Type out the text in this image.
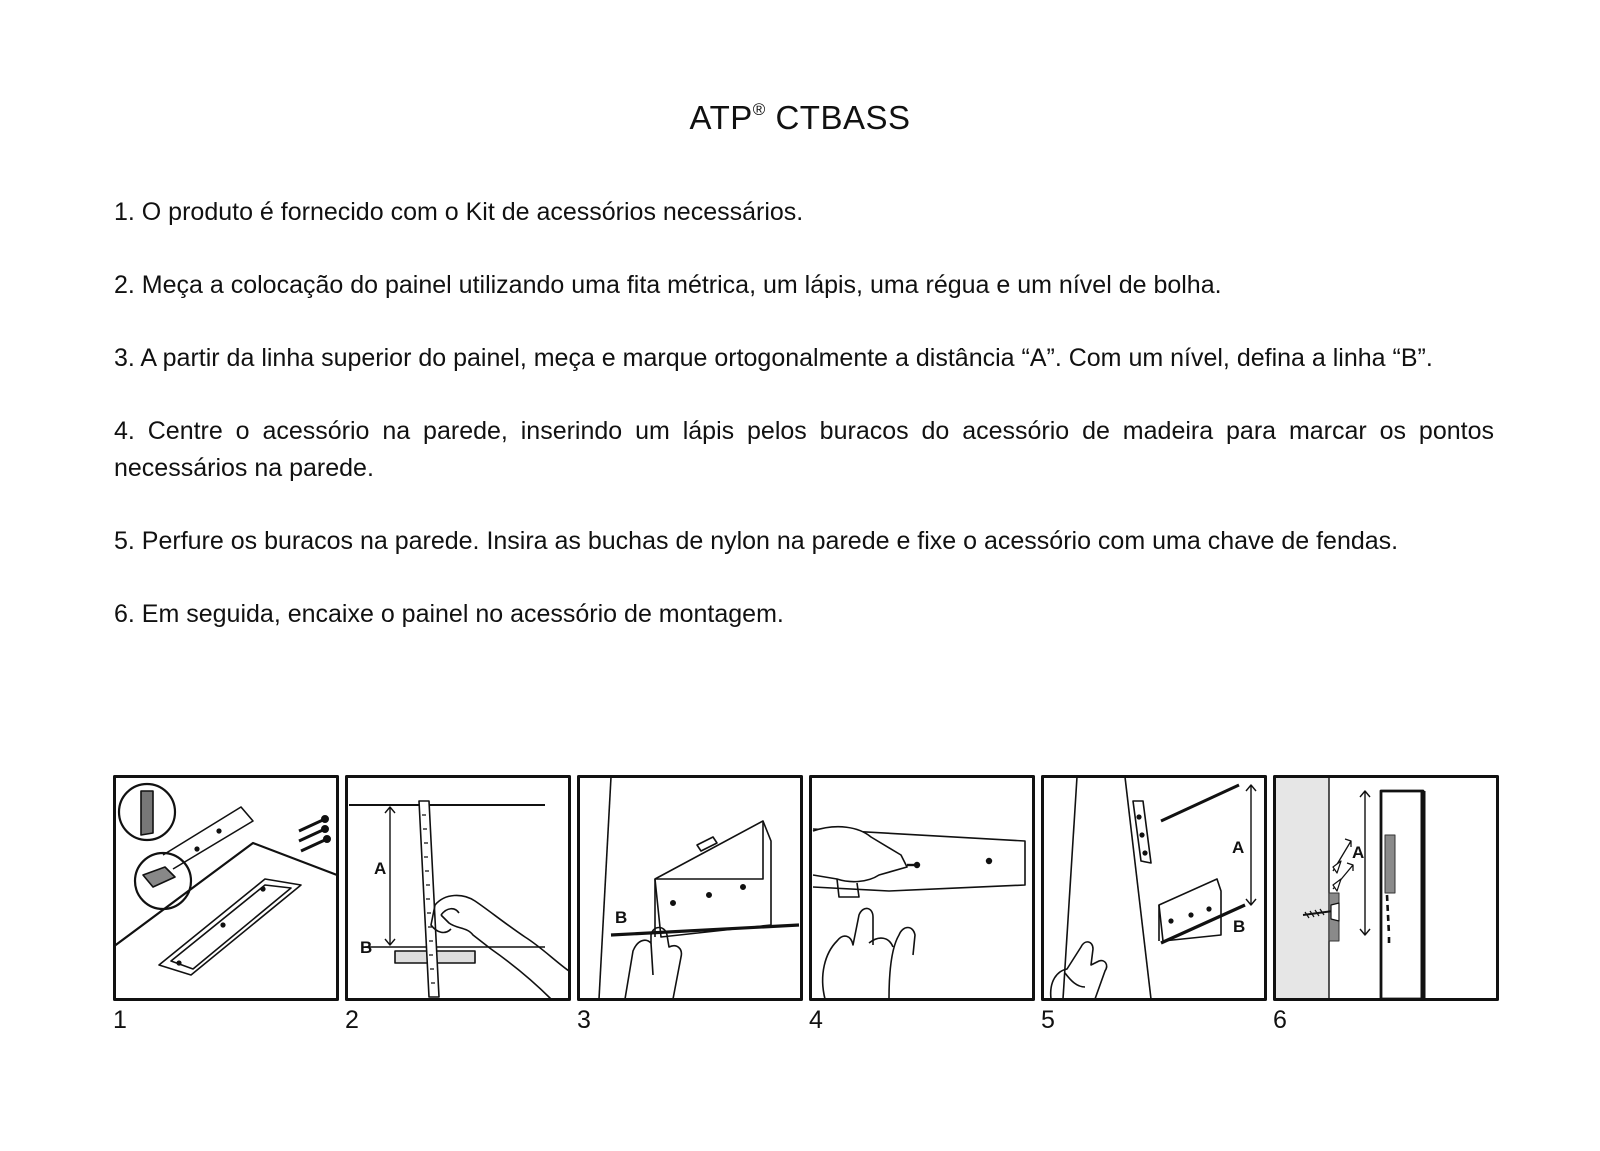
ATP® CTBASS
1. O produto é fornecido com o Kit de acessórios necessários.
2. Meça a colocação do painel utilizando uma fita métrica, um lápis, uma régua e um nível de bolha.
3. A partir da linha superior do painel, meça e marque ortogonalmente a distância “A”. Com um nível, defina a linha “B”.
4. Centre o acessório na parede, inserindo um lápis pelos buracos do acessório de madeira para marcar os pontos necessários na parede.
5. Perfure os buracos na parede. Insira as buchas de nylon na parede e fixe o acessório com uma chave de fendas.
6. Em seguida, encaixe o painel no acessório de montagem.
A
B
B
A
B
A
1	2	3	4	5	6
